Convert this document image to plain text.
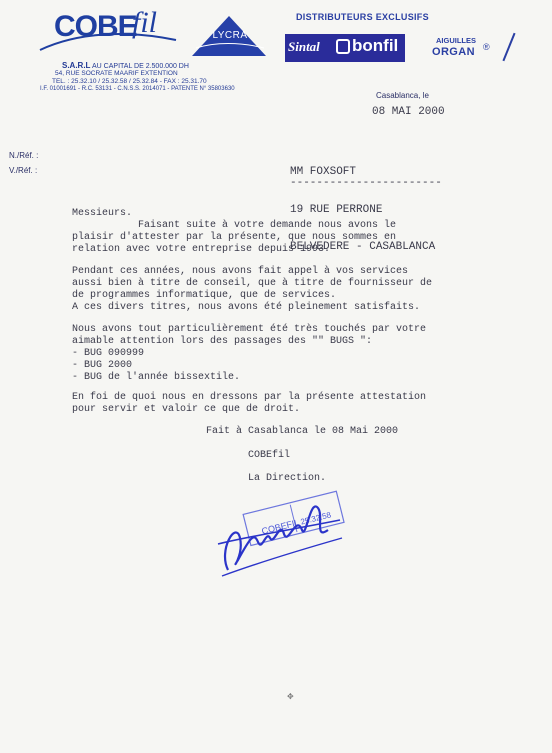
COBE
fil
S.A.R.L AU CAPITAL DE 2.500.000 DH
54, RUE SOCRATE MAARIF EXTENTION
TEL. : 25.32.10 / 25.32.58 / 25.32.84 - FAX : 25.31.70
I.F. 01001691 - R.C. 53131 - C.N.S.S. 2014071 - PATENTE N° 35803630
LYCRA
DISTRIBUTEURS EXCLUSIFS
Sintal bonfil	AIGUILLES
ORGAN ®
Casablanca, le
08 MAI 2000
N./Réf. :
V./Réf. :

	MM FOXSOFT

19 RUE PERRONE

BELVEDERE - CASABLANCA

-----------------------
Messieurs.
Faisant suite à votre demande nous avons le
plaisir d'attester par la présente, que nous sommes en
relation avec votre entreprise depuis 1993.
Pendant ces années, nous avons fait appel à vos services
aussi bien à titre de conseil, que à titre de fournisseur de
de programmes informatique, que de services.
A ces divers titres, nous avons été pleinement satisfaits.
Nous avons tout particulièrement été très touchés par votre
aimable attention lors des passages des "" BUGS ":
- BUG 090999
- BUG 2000
- BUG de l'année bissextile.
En foi de quoi nous en dressons par la présente attestation
pour servir et valoir ce que de droit.
Fait à Casablanca le 08 Mai 2000
COBEfil
La Direction.
COBEFIL 25.32.58
✥
